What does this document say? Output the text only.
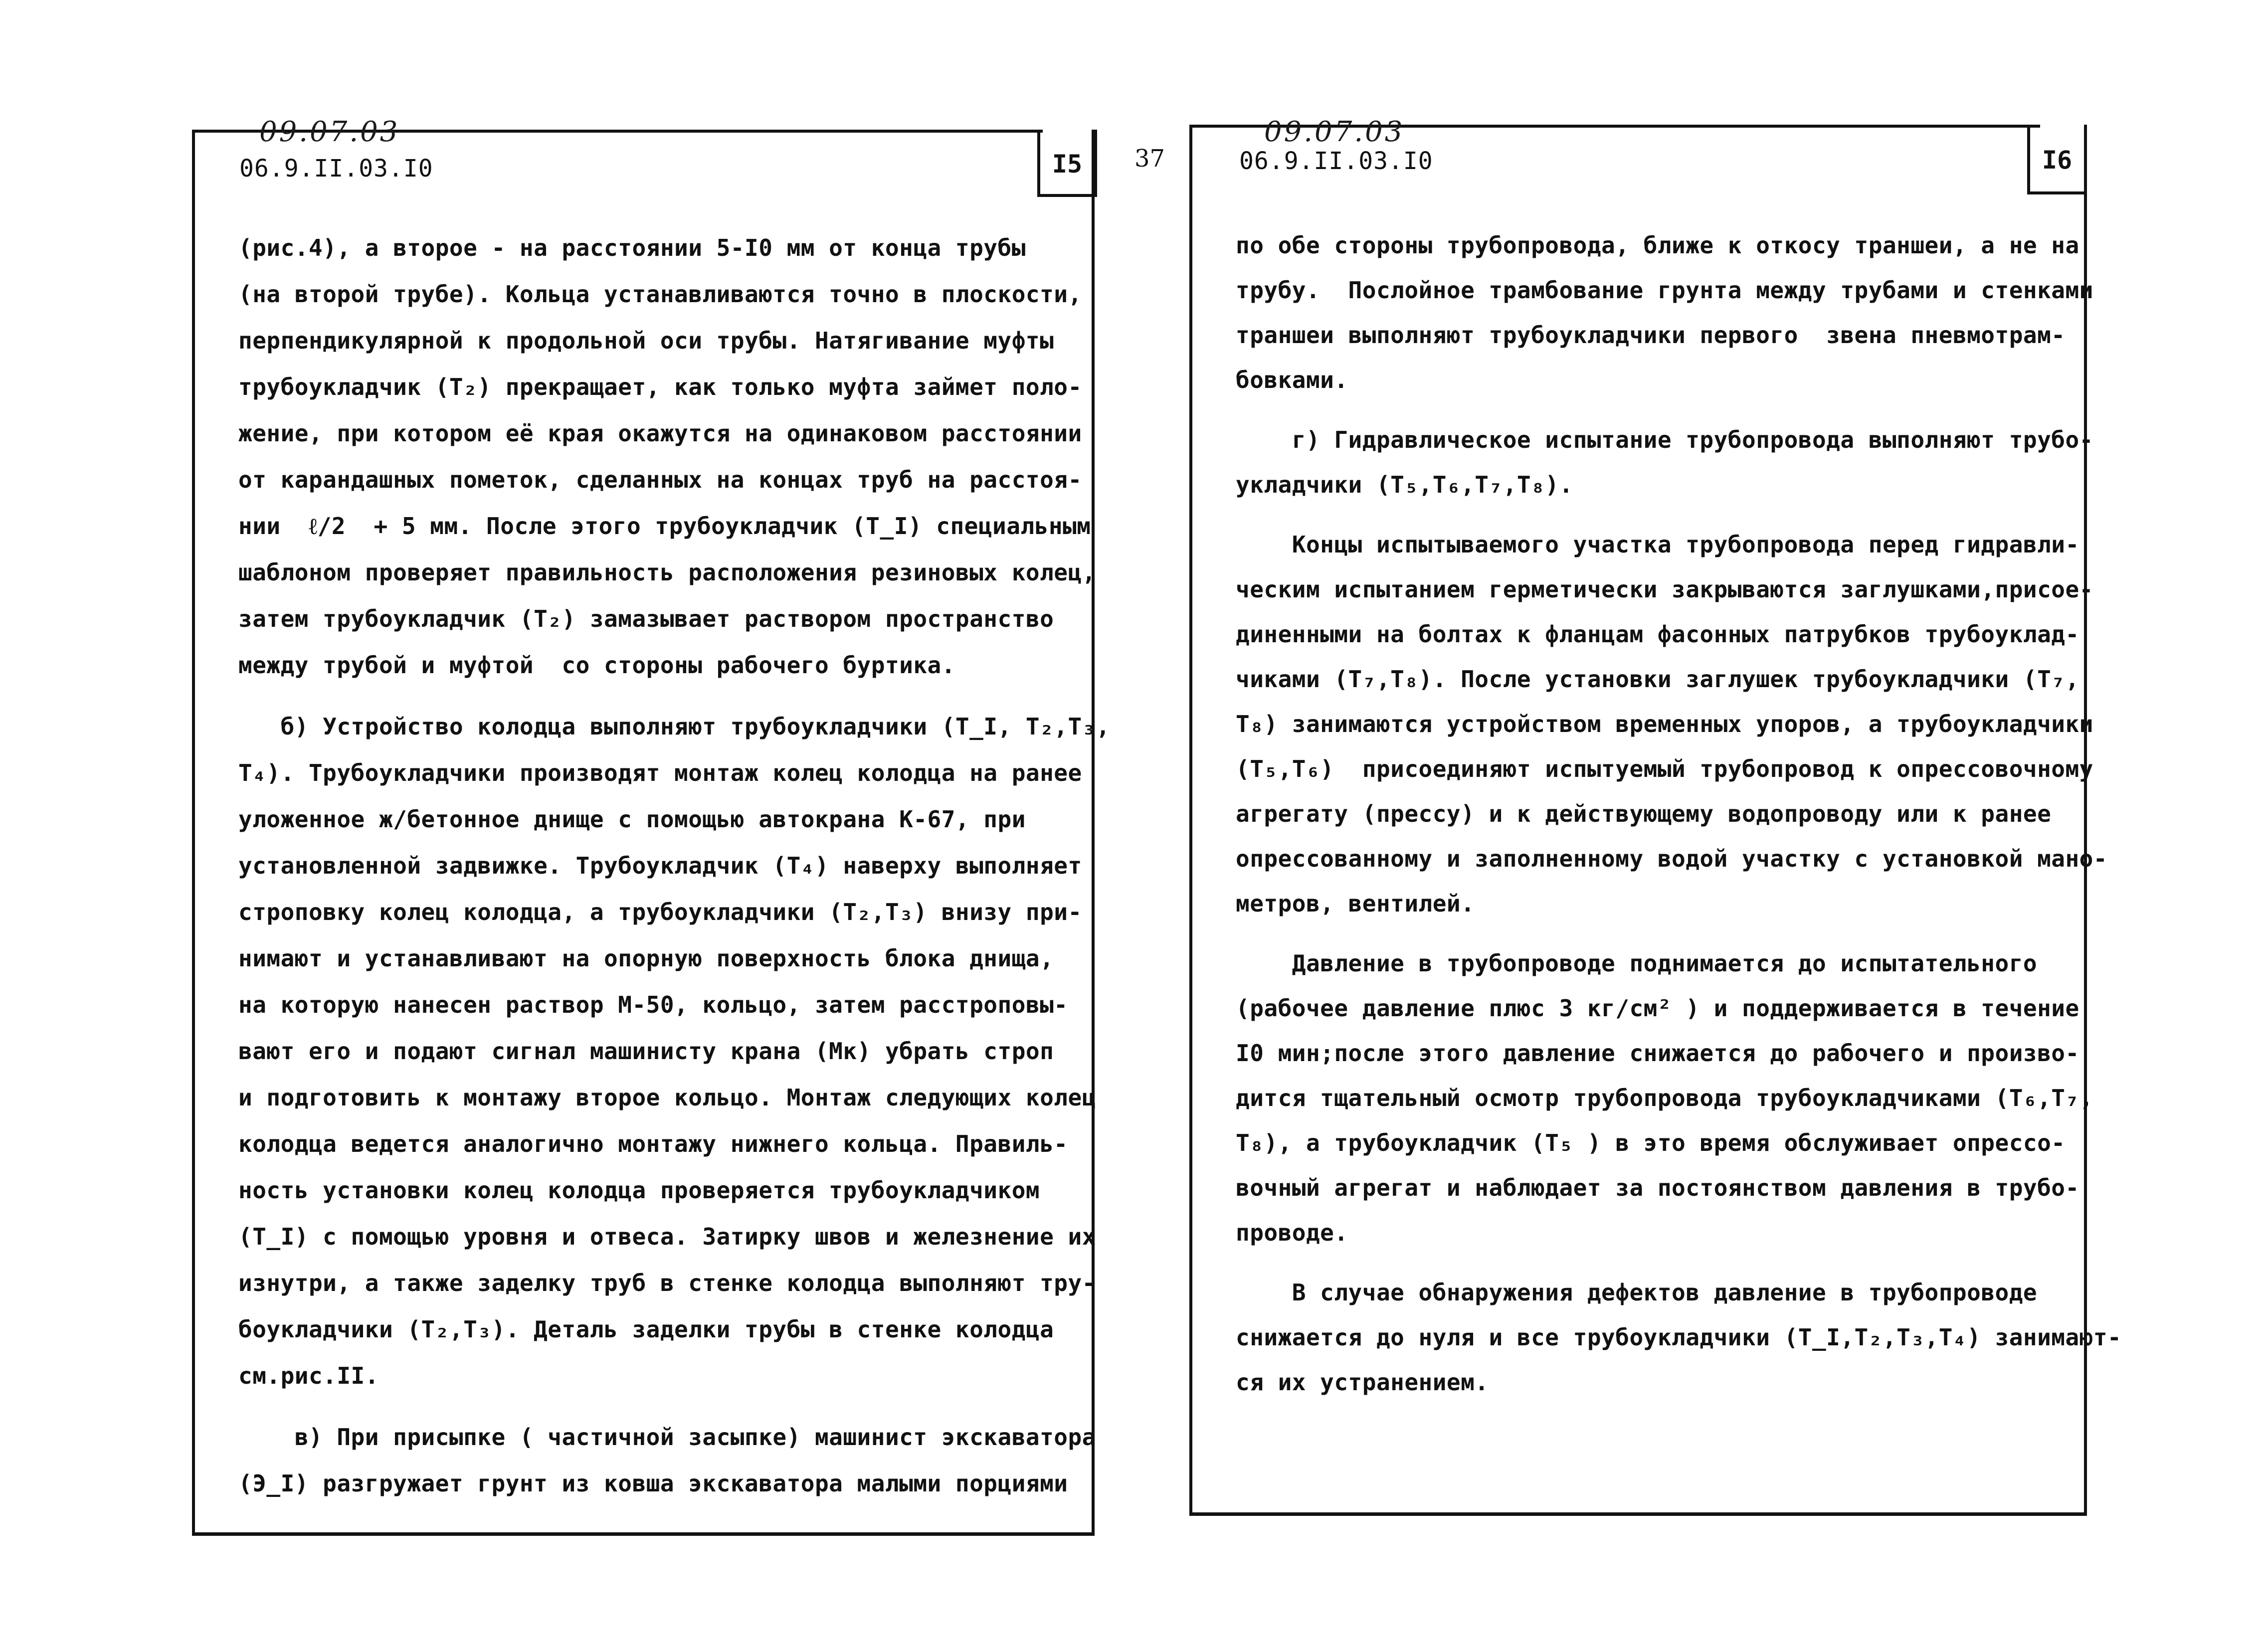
37
I5
09.07.03
06.9.II.03.I0
(рис.4), а второе - на расстоянии 5-I0 мм от конца трубы
(на второй трубе). Кольца устанавливаются точно в плоскости,
перпендикулярной к продольной оси трубы. Натягивание муфты
трубоукладчик (T₂) прекращает, как только муфта займет поло-
жение, при котором её края окажутся на одинаковом расстоянии
от карандашных пометок, сделанных на концах труб на расстоя-
нии  ℓ/2  + 5 мм. После этого трубоукладчик (T_I) специальным
шаблоном проверяет правильность расположения резиновых колец,
затем трубоукладчик (T₂) замазывает раствором пространство
между трубой и муфтой  со стороны рабочего буртика.
б) Устройство колодца выполняют трубоукладчики (T_I, T₂,T₃,
T₄). Трубоукладчики производят монтаж колец колодца на ранее
уложенное ж/бетонное днище с помощью автокрана К-67, при
установленной задвижке. Трубоукладчик (T₄) наверху выполняет
строповку колец колодца, а трубоукладчики (T₂,T₃) внизу при-
нимают и устанавливают на опорную поверхность блока днища,
на которую нанесен раствор М-50, кольцо, затем расстроповы-
вают его и подают сигнал машинисту крана (Мк) убрать строп
и подготовить к монтажу второе кольцо. Монтаж следующих колец
колодца ведется аналогично монтажу нижнего кольца. Правиль-
ность установки колец колодца проверяется трубоукладчиком
(T_I) с помощью уровня и отвеса. Затирку швов и железнение их
изнутри, а также заделку труб в стенке колодца выполняют тру-
боукладчики (T₂,T₃). Деталь заделки трубы в стенке колодца
см.рис.II.
в) При присыпке ( частичной засыпке) машинист экскаватора
(Э_I) разгружает грунт из ковша экскаватора малыми порциями
I6
09.07.03
06.9.II.03.I0
по обе стороны трубопровода, ближе к откосу траншеи, а не на
трубу.  Послойное трамбование грунта между трубами и стенками
траншеи выполняют трубоукладчики первого  звена пневмотрам-
бовками.
г) Гидравлическое испытание трубопровода выполняют трубо-
укладчики (T₅,T₆,T₇,T₈).
Концы испытываемого участка трубопровода перед гидравли-
ческим испытанием герметически закрываются заглушками,присое-
диненными на болтах к фланцам фасонных патрубков трубоуклад-
чиками (T₇,T₈). После установки заглушек трубоукладчики (T₇,
T₈) занимаются устройством временных упоров, а трубоукладчики
(T₅,T₆)  присоединяют испытуемый трубопровод к опрессовочному
агрегату (прессу) и к действующему водопроводу или к ранее
опрессованному и заполненному водой участку с установкой мано-
метров, вентилей.
Давление в трубопроводе поднимается до испытательного
(рабочее давление плюс 3 кг/см² ) и поддерживается в течение
I0 мин;после этого давление снижается до рабочего и произво-
дится тщательный осмотр трубопровода трубоукладчиками (T₆,T₇,
T₈), а трубоукладчик (T₅ ) в это время обслуживает опрессо-
вочный агрегат и наблюдает за постоянством давления в трубо-
проводе.
В случае обнаружения дефектов давление в трубопроводе
снижается до нуля и все трубоукладчики (T_I,T₂,T₃,T₄) занимают-
ся их устранением.
